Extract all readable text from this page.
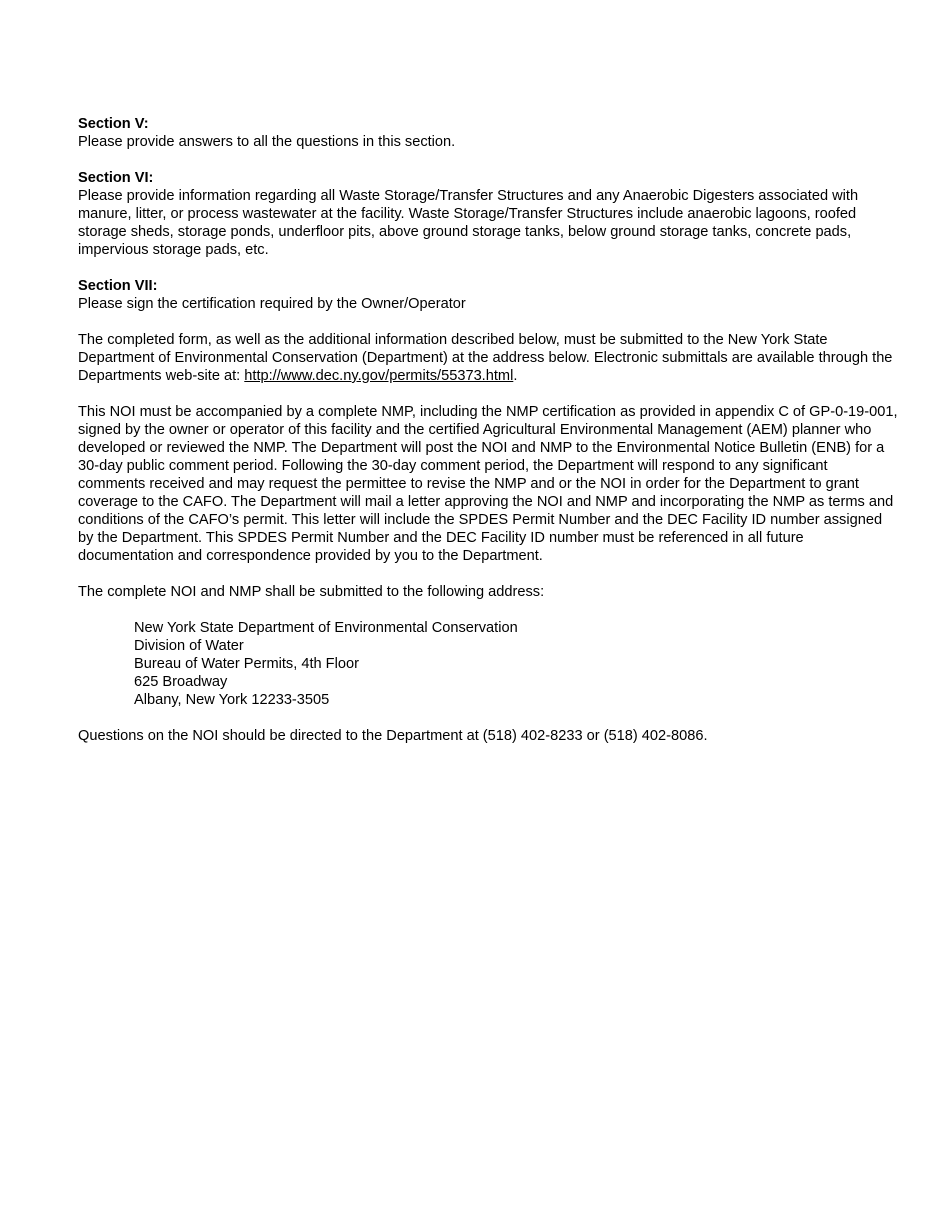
Section V:

Please provide answers to all the questions in this section.

Section VI:

Please provide information regarding all Waste Storage/Transfer Structures and any Anaerobic Digesters associated with manure, litter, or process wastewater at the facility. Waste Storage/Transfer Structures include anaerobic lagoons, roofed storage sheds, storage ponds, underfloor pits, above ground storage tanks, below ground storage tanks, concrete pads, impervious storage pads, etc.

Section VII:

Please sign the certification required by the Owner/Operator

The completed form, as well as the additional information described below, must be submitted to the New York State Department of Environmental Conservation (Department) at the address below. Electronic submittals are available through the Departments web-site at: http://www.dec.ny.gov/permits/55373.html.

This NOI must be accompanied by a complete NMP, including the NMP certification as provided in appendix C of GP-0-19-001, signed by the owner or operator of this facility and the certified Agricultural Environmental Management (AEM) planner who developed or reviewed the NMP. The Department will post the NOI and NMP to the Environmental Notice Bulletin (ENB) for a 30-day public comment period. Following the 30-day comment period, the Department will respond to any significant comments received and may request the permittee to revise the NMP and or the NOI in order for the Department to grant coverage to the CAFO. The Department will mail a letter approving the NOI and NMP and incorporating the NMP as terms and conditions of the CAFO’s permit. This letter will include the SPDES Permit Number and the DEC Facility ID number assigned by the Department. This SPDES Permit Number and the DEC Facility ID number must be referenced in all future documentation and correspondence provided by you to the Department.

The complete NOI and NMP shall be submitted to the following address:

New York State Department of Environmental Conservation
Division of Water
Bureau of Water Permits, 4th Floor
625 Broadway
Albany, New York 12233-3505

Questions on the NOI should be directed to the Department at (518) 402-8233 or (518) 402-8086.
